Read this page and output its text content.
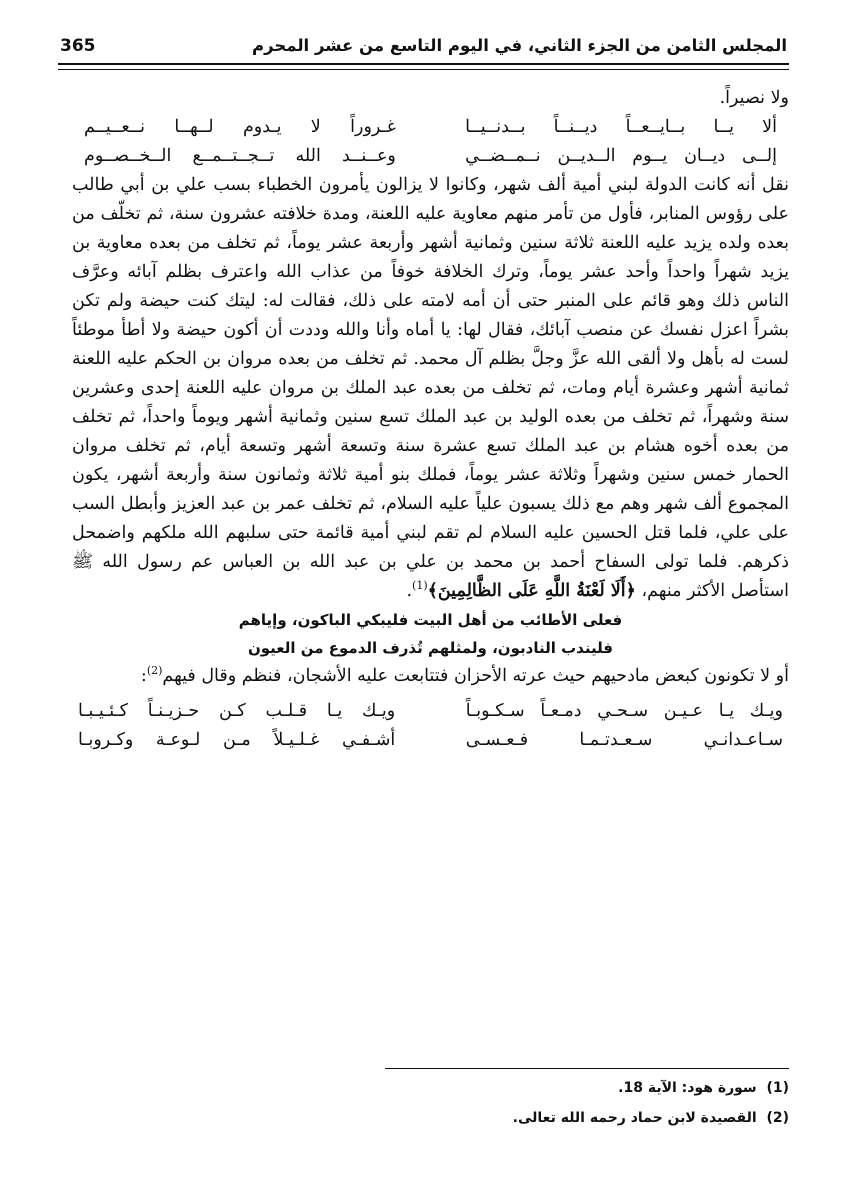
المجلس الثامن من الجزء الثاني، في اليوم التاسع من عشر المحرم
365

ولا نصيراً.

ألا يــا بــايــعــاً ديــنــاً بــدنــيــا
غـروراً لا يـدوم لــهــا نــعــيــم
إلــى ديــان يــوم الــديــن نــمــضــي
وعــنــد الله تــجــتــمــع الــخــصــوم

نقل أنه كانت الدولة لبني أمية ألف شهر، وكانوا لا يزالون يأمرون الخطباء بسب علي بن أبي طالب على رؤوس المنابر، فأول من تأمر منهم معاوية عليه اللعنة، ومدة خلافته عشرون سنة، ثم تخلّف من بعده ولده يزيد عليه اللعنة ثلاثة سنين وثمانية أشهر وأربعة عشر يوماً، ثم تخلف من بعده معاوية بن يزيد شهراً واحداً وأحد عشر يوماً، وترك الخلافة خوفاً من عذاب الله واعترف بظلم آبائه وعرَّف الناس ذلك وهو قائم على المنبر حتى أن أمه لامته على ذلك، فقالت له: ليتك كنت حيضة ولم تكن بشراً اعزل نفسك عن منصب آبائك، فقال لها: يا أماه وأنا والله وددت أن أكون حيضة ولا أطأ موطئاً لست له بأهل ولا ألقى الله عزَّ وجلَّ بظلم آل محمد. ثم تخلف من بعده مروان بن الحكم عليه اللعنة ثمانية أشهر وعشرة أيام ومات، ثم تخلف من بعده عبد الملك بن مروان عليه اللعنة إحدى وعشرين سنة وشهراً، ثم تخلف من بعده الوليد بن عبد الملك تسع سنين وثمانية أشهر ويوماً واحداً، ثم تخلف من بعده أخوه هشام بن عبد الملك تسع عشرة سنة وتسعة أشهر وتسعة أيام، ثم تخلف مروان الحمار خمس سنين وشهراً وثلاثة عشر يوماً، فملك بنو أمية ثلاثة وثمانون سنة وأربعة أشهر، يكون المجموع ألف شهر وهم مع ذلك يسبون علياً عليه السلام، ثم تخلف عمر بن عبد العزيز وأبطل السب على علي، فلما قتل الحسين عليه السلام لم تقم لبني أمية قائمة حتى سلبهم الله ملكهم واضمحل ذكرهم. فلما تولى السفاح أحمد بن محمد بن علي بن عبد الله بن العباس عم رسول الله ﷺ استأصل الأكثر منهم، ﴿أَلَا لَعْنَةُ اللَّهِ عَلَى الظَّالِمِينَ﴾$^{(1)}$.

فعلى الأطائب من أهل البيت فليبكي الباكون، وإياهم
فليندب النادبون، ولمثلهم تُذرف الدموع من العيون

أو لا تكونون كبعض مادحيهم حيث عرته الأحزان فتتابعت عليه الأشجان، فنظم وقال فيهم$^{(2)}$:

ويـك يـا عـيـن سـحـي دمـعـاً سـكـوبـاً
ويـك يـا قـلـب كـن حـزيـنـاً كـئـيـبـا
سـاعـدانـي سـعـدتـمـا فـعـسـى
أشـفـي غـلـيـلاً مـن لـوعـة وكـروبـا
(1)  سورة هود: الآية 18.
(2)  القصيدة لابن حماد رحمه الله تعالى.
